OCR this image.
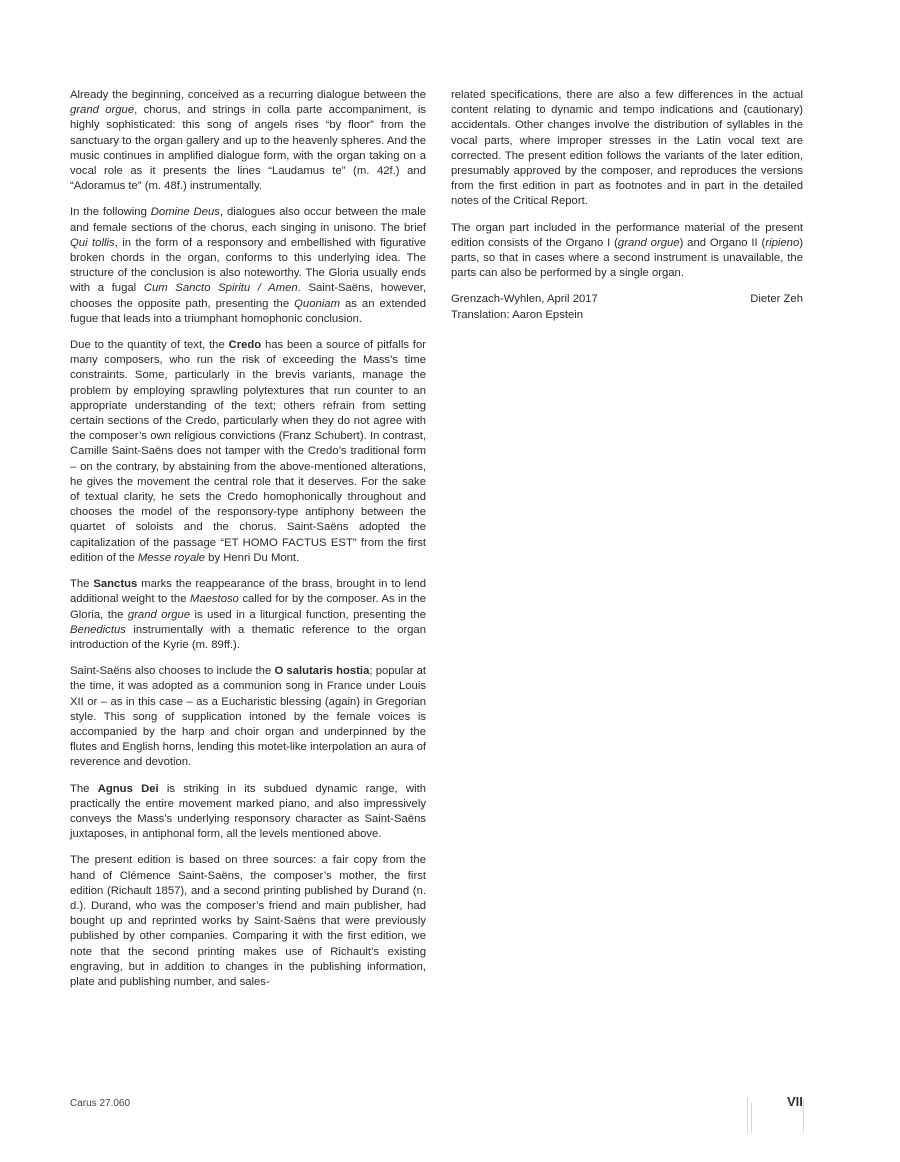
Already the beginning, conceived as a recurring dialogue between the grand orgue, chorus, and strings in colla parte accompaniment, is highly sophisticated: this song of angels rises “by floor” from the sanctuary to the organ gallery and up to the heavenly spheres. And the music continues in amplified dialogue form, with the organ taking on a vocal role as it presents the lines “Laudamus te” (m. 42f.) and “Adoramus te” (m. 48f.) instrumentally.

In the following Domine Deus, dialogues also occur between the male and female sections of the chorus, each singing in unisono. The brief Qui tollis, in the form of a responsory and embellished with figurative broken chords in the organ, conforms to this underlying idea. The structure of the conclusion is also noteworthy. The Gloria usually ends with a fugal Cum Sancto Spiritu / Amen. Saint-Saëns, however, chooses the opposite path, presenting the Quoniam as an extended fugue that leads into a triumphant homophonic conclusion.

Due to the quantity of text, the Credo has been a source of pitfalls for many composers, who run the risk of exceeding the Mass’s time constraints. Some, particularly in the brevis variants, manage the problem by employing sprawling polytextures that run counter to an appropriate understanding of the text; others refrain from setting certain sections of the Credo, particularly when they do not agree with the composer’s own religious convictions (Franz Schubert). In contrast, Camille Saint-Saëns does not tamper with the Credo’s traditional form – on the contrary, by abstaining from the above-mentioned alterations, he gives the movement the central role that it deserves. For the sake of textual clarity, he sets the Credo homophonically throughout and chooses the model of the responsory-type antiphony between the quartet of soloists and the chorus. Saint-Saëns adopted the capitalization of the passage “ET HOMO FACTUS EST” from the first edition of the Messe royale by Henri Du Mont.

The Sanctus marks the reappearance of the brass, brought in to lend additional weight to the Maestoso called for by the composer. As in the Gloria, the grand orgue is used in a liturgical function, presenting the Benedictus instrumentally with a thematic reference to the organ introduction of the Kyrie (m. 89ff.).

Saint-Saëns also chooses to include the O salutaris hostia; popular at the time, it was adopted as a communion song in France under Louis XII or – as in this case – as a Eucharistic blessing (again) in Gregorian style. This song of supplication intoned by the female voices is accompanied by the harp and choir organ and underpinned by the flutes and English horns, lending this motet-like interpolation an aura of reverence and devotion.

The Agnus Dei is striking in its subdued dynamic range, with practically the entire movement marked piano, and also impressively conveys the Mass’s underlying responsory character as Saint-Saëns juxtaposes, in antiphonal form, all the levels mentioned above.

The present edition is based on three sources: a fair copy from the hand of Clémence Saint-Saëns, the composer’s mother, the first edition (Richault 1857), and a second printing published by Durand (n. d.). Durand, who was the composer’s friend and main publisher, had bought up and reprinted works by Saint-Saëns that were previously published by other companies. Comparing it with the first edition, we note that the second printing makes use of Richault’s existing engraving, but in addition to changes in the publishing information, plate and publishing number, and sales-

related specifications, there are also a few differences in the actual content relating to dynamic and tempo indications and (cautionary) accidentals. Other changes involve the distribution of syllables in the vocal parts, where improper stresses in the Latin vocal text are corrected. The present edition follows the variants of the later edition, presumably approved by the composer, and reproduces the versions from the first edition in part as footnotes and in part in the detailed notes of the Critical Report.

The organ part included in the performance material of the present edition consists of the Organo I (grand orgue) and Organo II (ripieno) parts, so that in cases where a second instrument is unavailable, the parts can also be performed by a single organ.

Grenzach-Wyhlen, April 2017	Dieter Zeh
Translation: Aaron Epstein
Carus 27.060	VII
